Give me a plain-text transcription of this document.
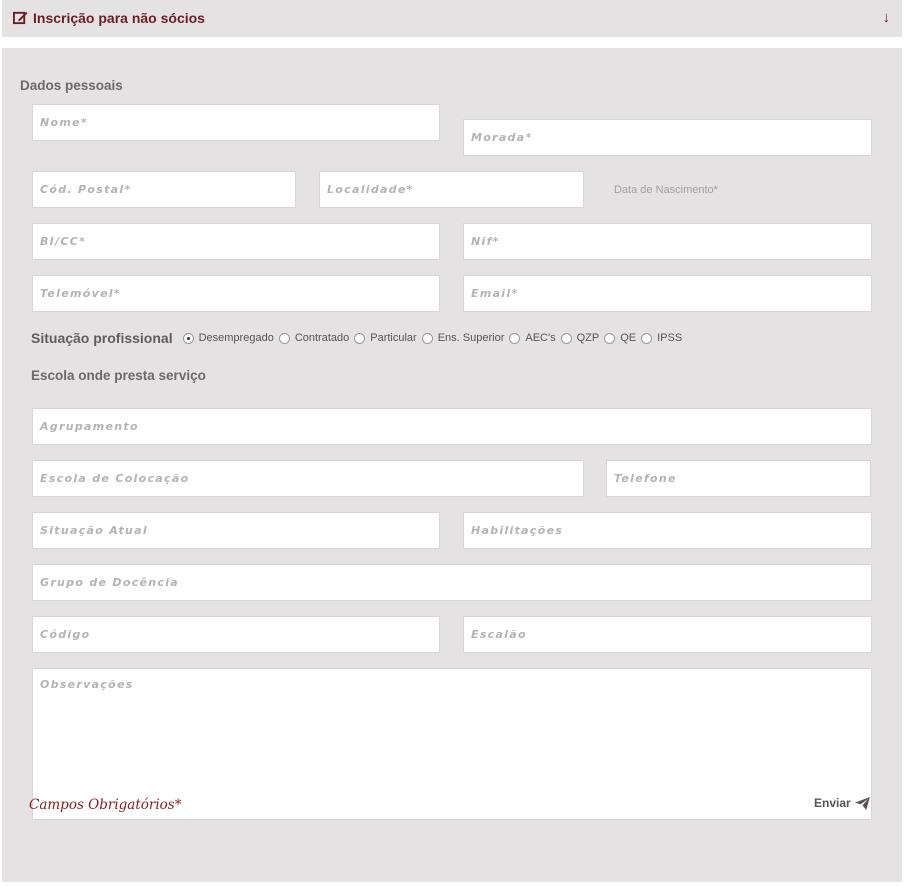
Inscrição para não sócios	↓
Dados pessoais
Nome*
Morada*
Cód. Postal*	Localidade*	Data de Nascimento*
BI/CC*	Nif*
Telemóvel*	Email*
Situação profissional Desempregado Contratado Particular Ens. Superior AEC's QZP QE IPSS
Escola onde presta serviço
Agrupamento
Escola de Colocação	Telefone
Situação Atual	Habilitações
Grupo de Docência
Código	Escalão
Observações
Campos Obrigatórios*	Enviar
